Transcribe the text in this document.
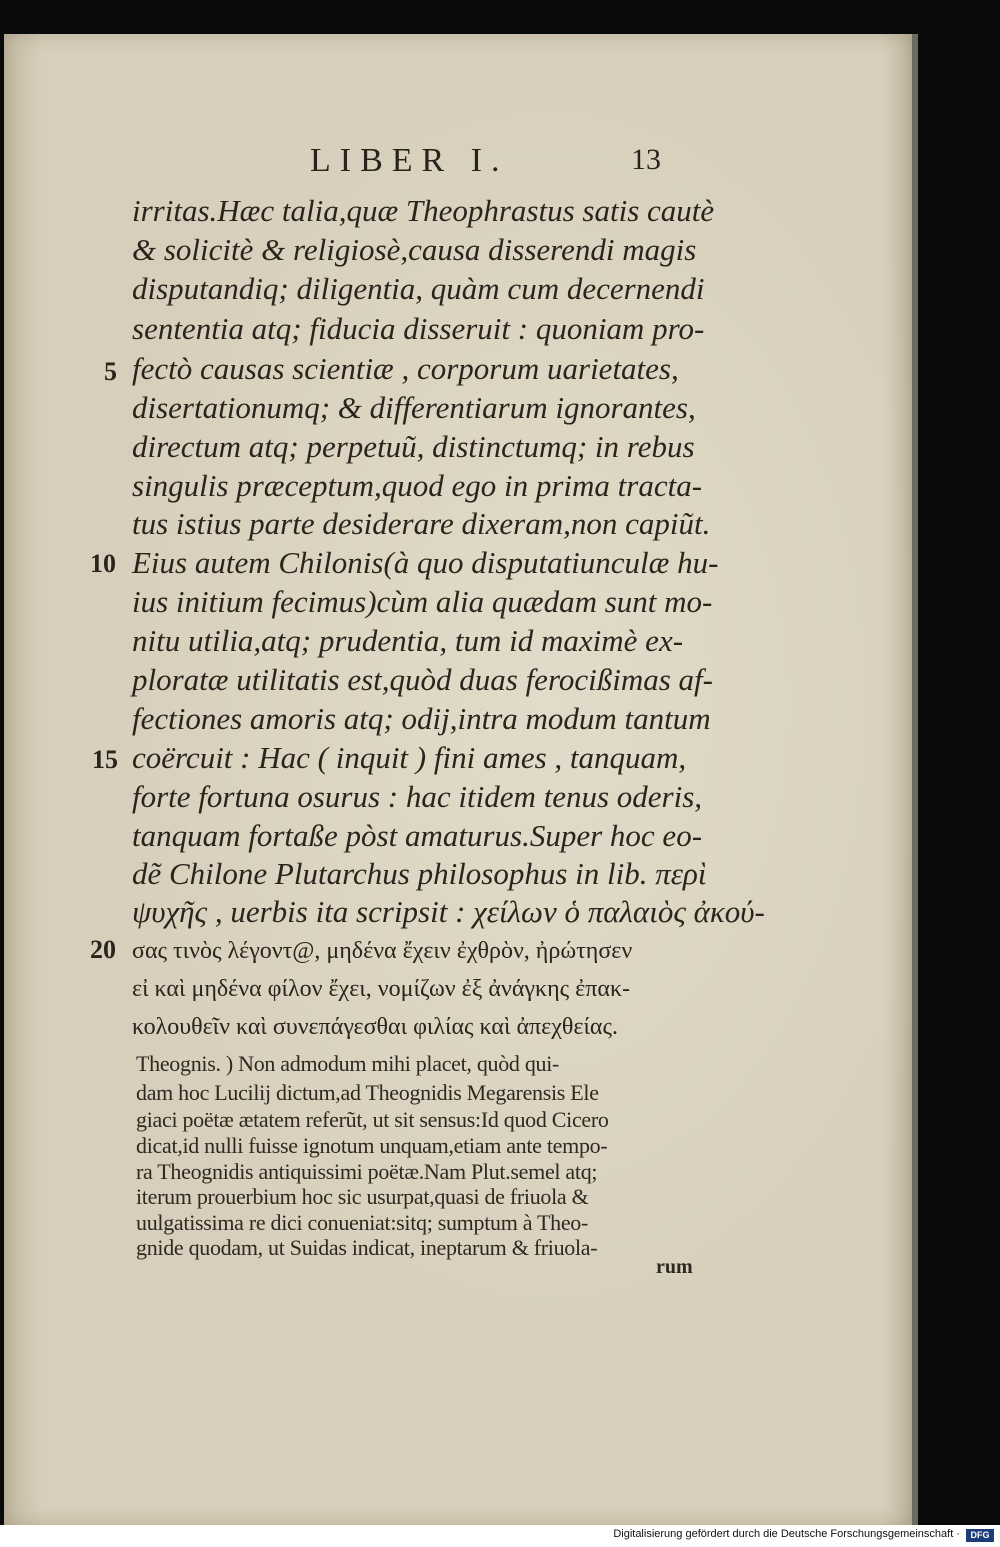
LIBER I.	13
irritas.Hæc talia,quæ Theophrastus satis cautè
& solicitè & religiosè,causa disserendi magis
disputandiq; diligentia, quàm cum decernendi
sententia atq; fiducia disseruit : quoniam pro-
fectò causas scientiæ , corporum uarietates,
disertationumq; & differentiarum ignorantes,
directum atq; perpetuũ, distinctumq; in rebus
singulis præceptum,quod ego in prima tracta-
tus istius parte desiderare dixeram,non capiũt.
Eius autem Chilonis(à quo disputatiunculæ hu-
ius initium fecimus)cùm alia quædam sunt mo-
nitu utilia,atq; prudentia, tum id maximè ex-
ploratæ utilitatis est,quòd duas ferocißimas af-
fectiones amoris atq; odij,intra modum tantum
coërcuit : Hac ( inquit ) fini ames , tanquam,
forte fortuna osurus : hac itidem tenus oderis,
tanquam fortaße pòst amaturus.Super hoc eo-
dẽ Chilone Plutarchus philosophus in lib. περὶ
ψυχῆς , uerbis ita scripsit : χείλων ὁ παλαιὸς ἀκού-
σας τινὸς λέγοντ@, μηδένα ἔχειν ἐχθρὸν, ἠρώτησεν
εἰ καὶ μηδένα φίλον ἔχει, νομίζων ἐξ ἀνάγκης ἐπακ-
κολουθεῖν καὶ συνεπάγεσθαι φιλίας καὶ ἀπεχθείας.
5
10
15
20
Theognis. ) Non admodum mihi placet, quòd qui-
dam hoc Lucilij dictum,ad Theognidis Megarensis Ele
giaci poëtæ ætatem referũt, ut sit sensus:Id quod Cicero
dicat,id nulli fuisse ignotum unquam,etiam ante tempo-
ra Theognidis antiquissimi poëtæ.Nam Plut.semel atq;
iterum prouerbium hoc sic usurpat,quasi de friuola &
uulgatissima re dici conueniat:sitq; sumptum à Theo-
gnide quodam, ut Suidas indicat, ineptarum & friuola-
rum
Digitalisierung gefördert durch die Deutsche Forschungsgemeinschaft ·	DFG
